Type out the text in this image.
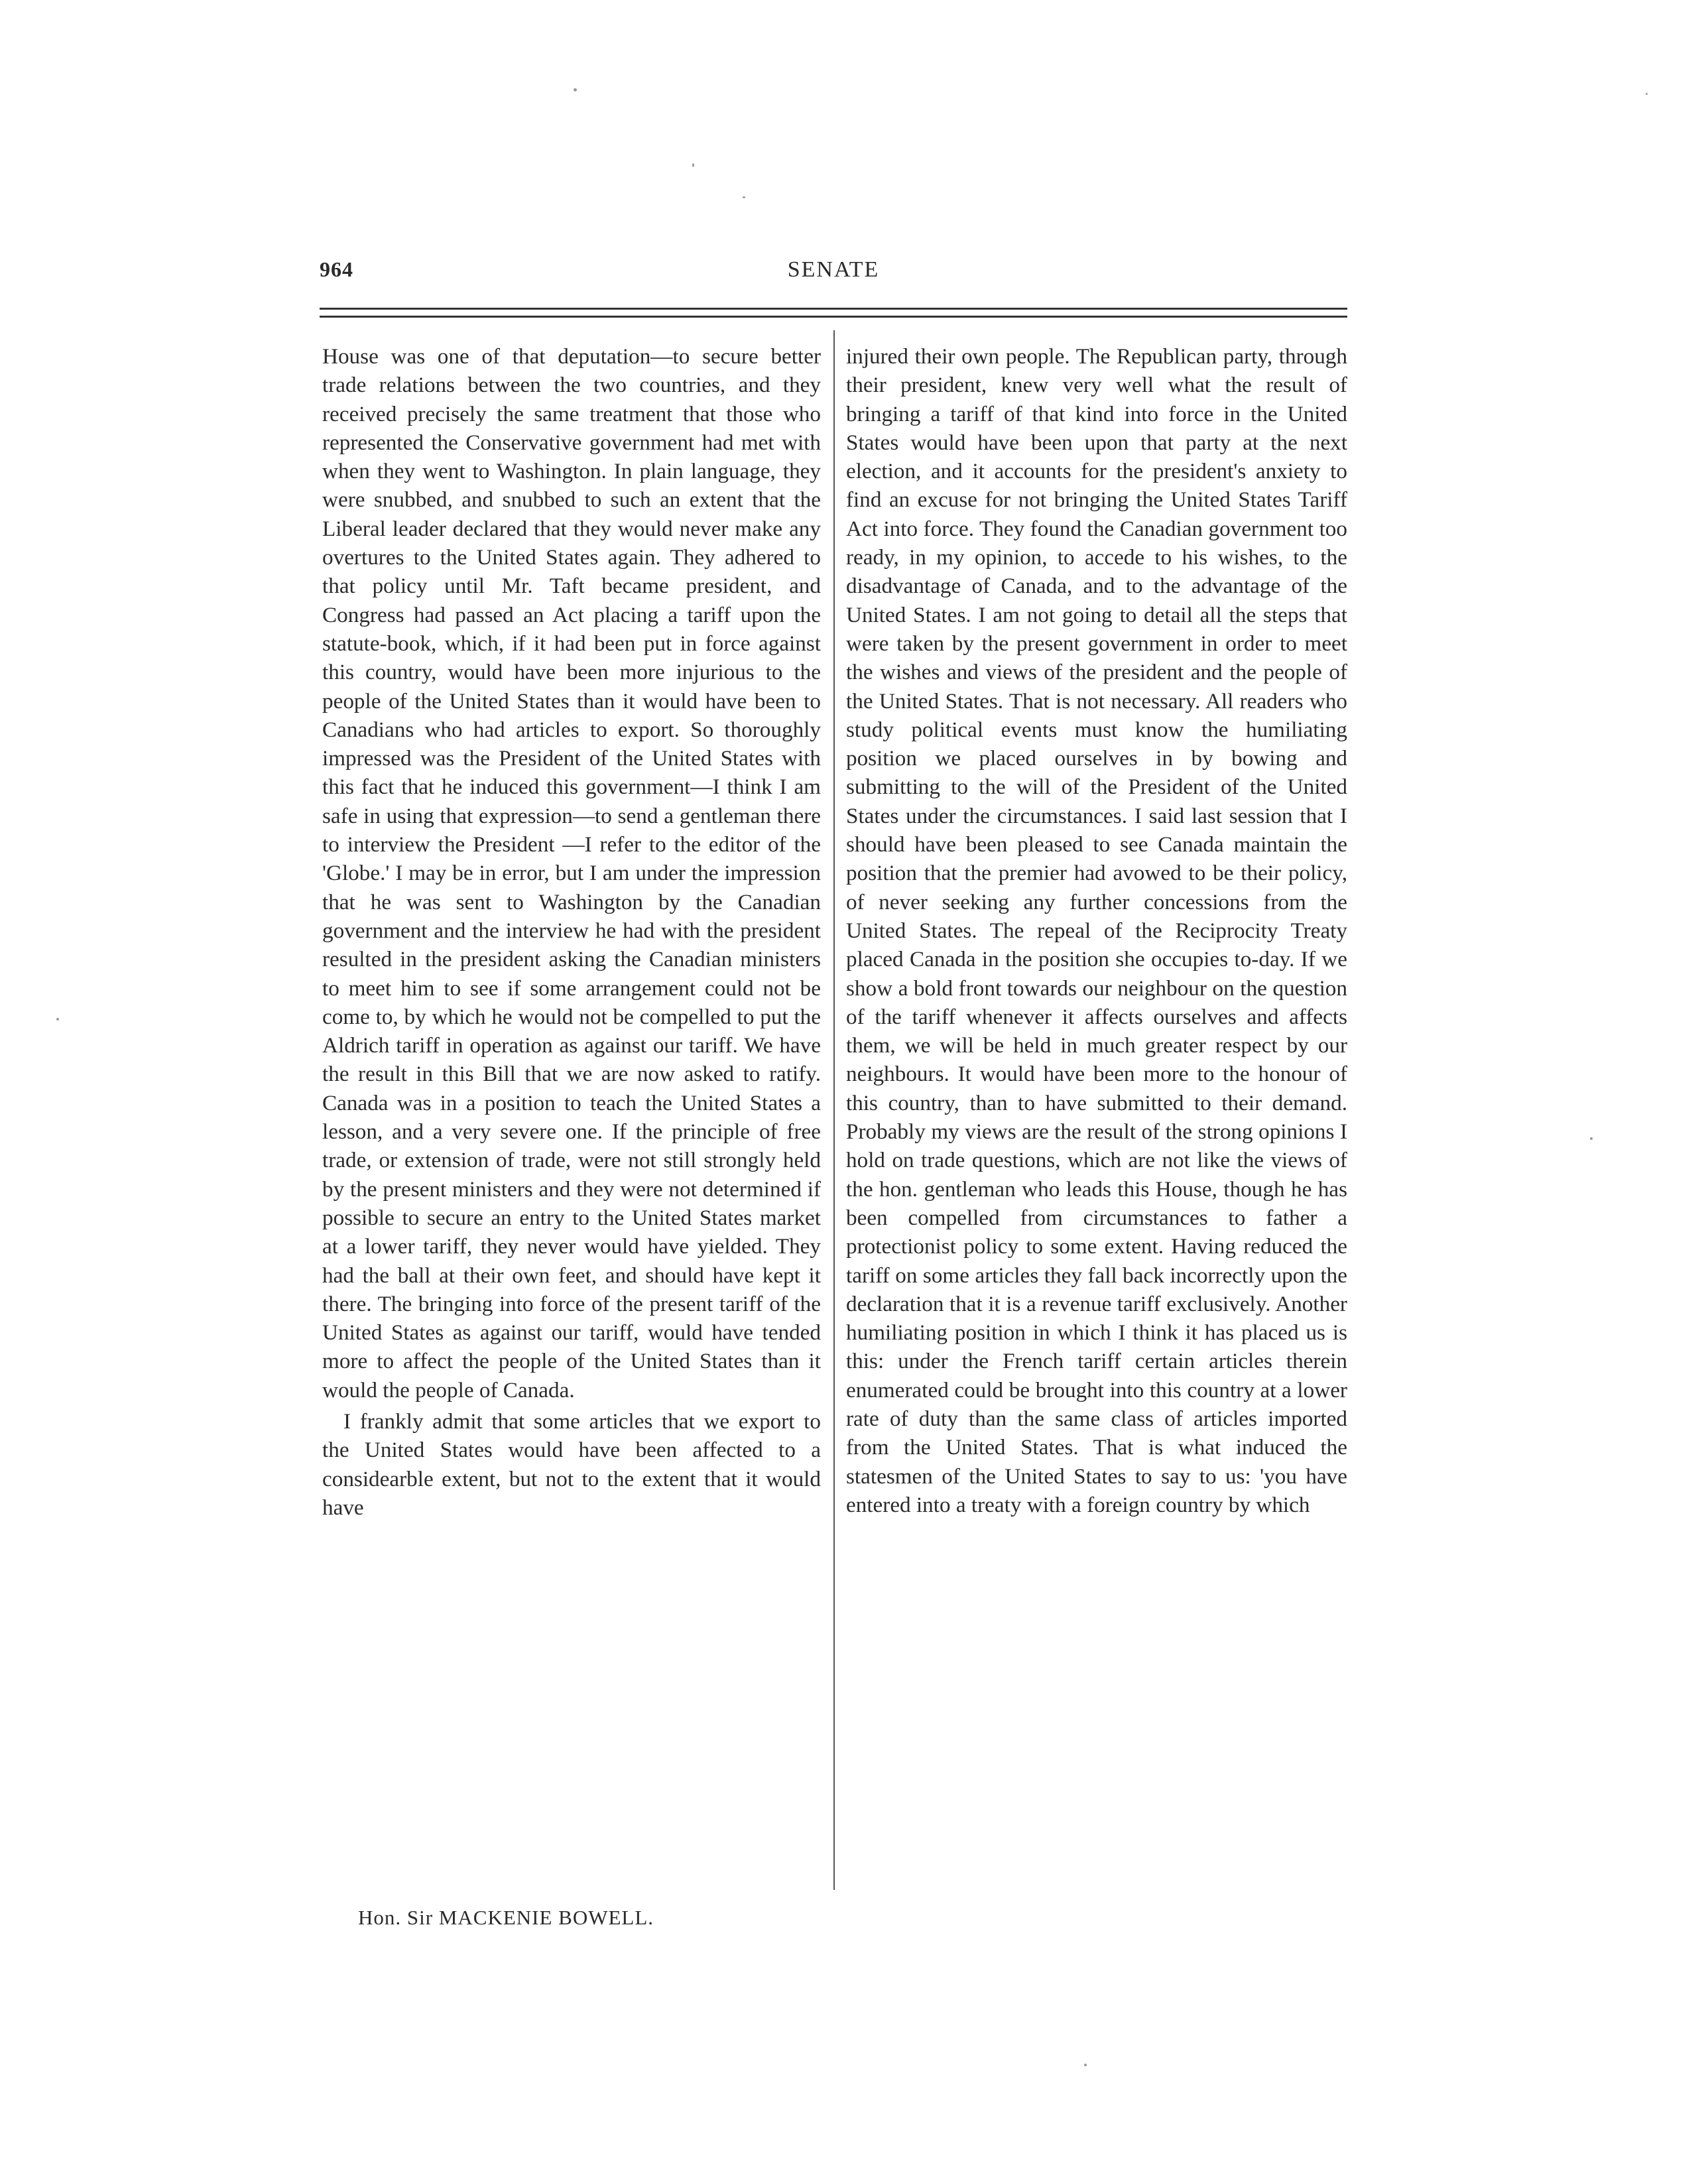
964	SENATE

House was one of that deputation—to secure better trade relations between the two countries, and they received precisely the same treatment that those who represented the Conservative government had met with when they went to Washington. In plain language, they were snubbed, and snubbed to such an extent that the Liberal leader declared that they would never make any overtures to the United States again. They adhered to that policy until Mr. Taft became president, and Congress had passed an Act placing a tariff upon the statute-book, which, if it had been put in force against this country, would have been more injurious to the people of the United States than it would have been to Canadians who had articles to export. So thoroughly impressed was the President of the United States with this fact that he induced this government—I think I am safe in using that expression—to send a gentleman there to interview the President —I refer to the editor of the 'Globe.' I may be in error, but I am under the impression that he was sent to Washington by the Canadian government and the interview he had with the president resulted in the president asking the Canadian ministers to meet him to see if some arrangement could not be come to, by which he would not be compelled to put the Aldrich tariff in operation as against our tariff. We have the result in this Bill that we are now asked to ratify. Canada was in a position to teach the United States a lesson, and a very severe one. If the principle of free trade, or extension of trade, were not still strongly held by the present ministers and they were not determined if possible to secure an entry to the United States market at a lower tariff, they never would have yielded. They had the ball at their own feet, and should have kept it there. The bringing into force of the present tariff of the United States as against our tariff, would have tended more to affect the people of the United States than it would the people of Canada.

I frankly admit that some articles that we export to the United States would have been affected to a considearble extent, but not to the extent that it would have

injured their own people. The Republican party, through their president, knew very well what the result of bringing a tariff of that kind into force in the United States would have been upon that party at the next election, and it accounts for the president's anxiety to find an excuse for not bringing the United States Tariff Act into force. They found the Canadian government too ready, in my opinion, to accede to his wishes, to the disadvantage of Canada, and to the advantage of the United States. I am not going to detail all the steps that were taken by the present government in order to meet the wishes and views of the president and the people of the United States. That is not necessary. All readers who study political events must know the humiliating position we placed ourselves in by bowing and submitting to the will of the President of the United States under the circumstances. I said last session that I should have been pleased to see Canada maintain the position that the premier had avowed to be their policy, of never seeking any further concessions from the United States. The repeal of the Reciprocity Treaty placed Canada in the position she occupies to-day. If we show a bold front towards our neighbour on the question of the tariff whenever it affects ourselves and affects them, we will be held in much greater respect by our neighbours. It would have been more to the honour of this country, than to have submitted to their demand. Probably my views are the result of the strong opinions I hold on trade questions, which are not like the views of the hon. gentleman who leads this House, though he has been compelled from circumstances to father a protectionist policy to some extent. Having reduced the tariff on some articles they fall back incorrectly upon the declaration that it is a revenue tariff exclusively. Another humiliating position in which I think it has placed us is this: under the French tariff certain articles therein enumerated could be brought into this country at a lower rate of duty than the same class of articles imported from the United States. That is what induced the statesmen of the United States to say to us: 'you have entered into a treaty with a foreign country by which

Hon. Sir MACKENIE BOWELL.
